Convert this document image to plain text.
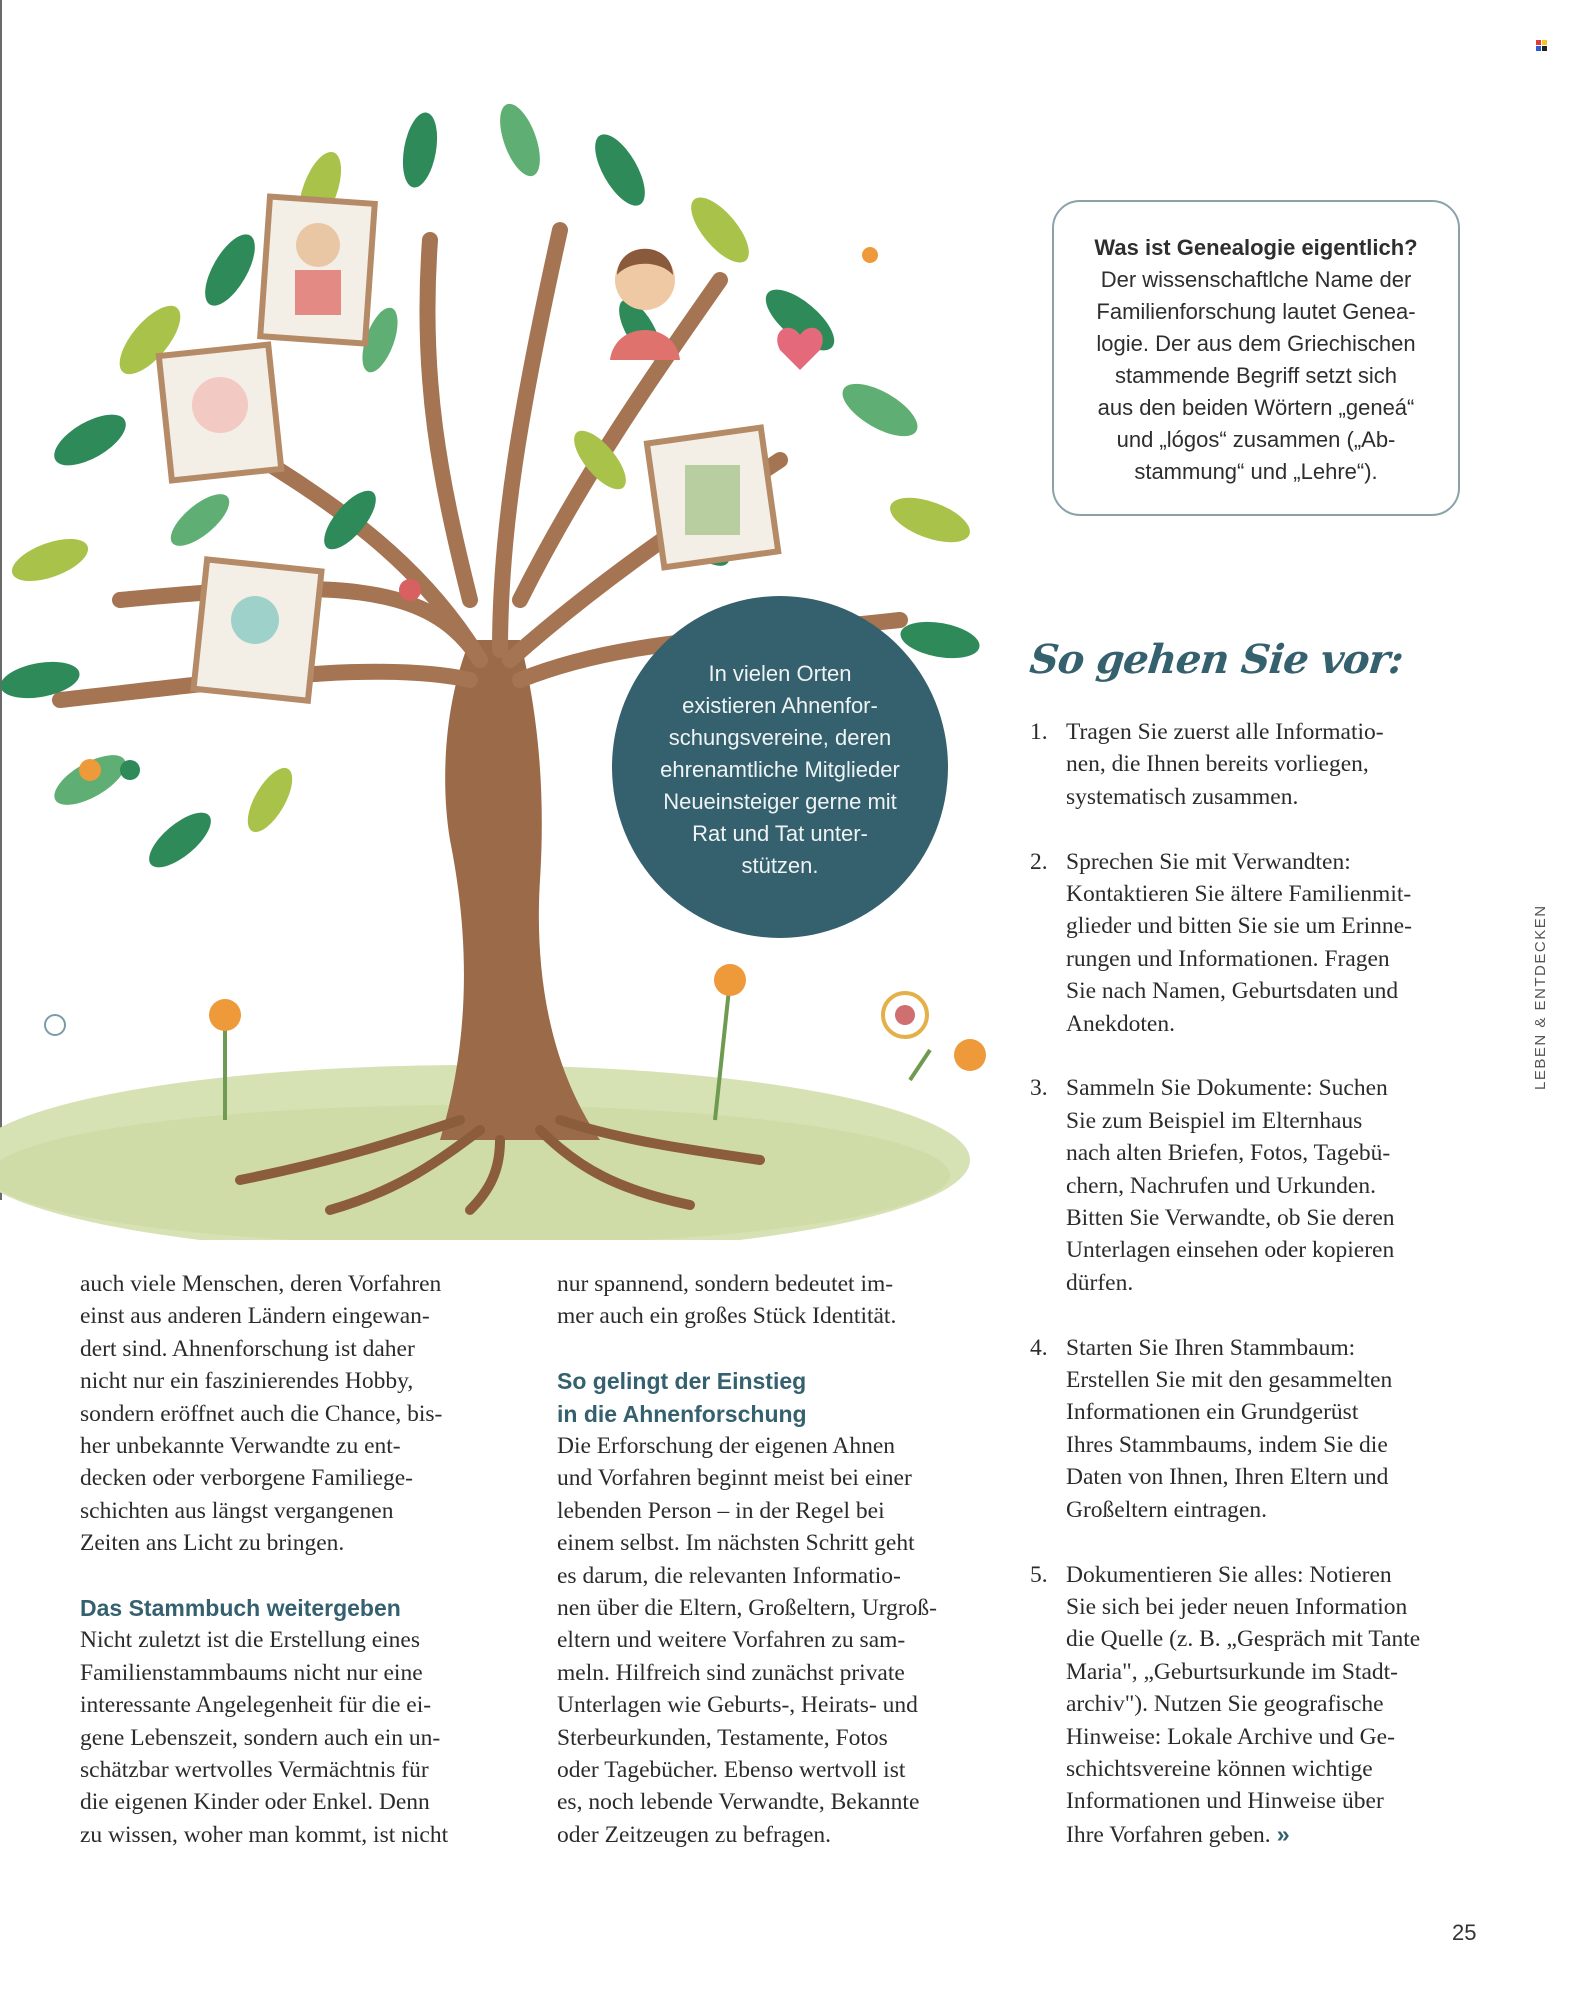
Was ist Genealogie eigentlich?
Der wissenschaftlche Name der
Familienforschung lautet Genea-
logie. Der aus dem Griechischen
stammende Begriff setzt sich
aus den beiden Wörtern „geneá“
und „lógos“ zusammen („Ab-
stammung“ und „Lehre“).
In vielen Orten
existieren Ahnenfor-
schungsvereine, deren
ehrenamtliche Mitglieder
Neueinsteiger gerne mit
Rat und Tat unter-
stützen.
So gehen Sie vor:
1. Tragen Sie zuerst alle Informatio-
nen, die Ihnen bereits vorliegen,
systematisch zusammen.
2. Sprechen Sie mit Verwandten:
Kontaktieren Sie ältere Familienmit-
glieder und bitten Sie sie um Erinne-
rungen und Informationen. Fragen
Sie nach Namen, Geburtsdaten und
Anekdoten.
3. Sammeln Sie Dokumente: Suchen
Sie zum Beispiel im Elternhaus
nach alten Briefen, Fotos, Tagebü-
chern, Nachrufen und Urkunden.
Bitten Sie Verwandte, ob Sie deren
Unterlagen einsehen oder kopieren
dürfen.
4. Starten Sie Ihren Stammbaum:
Erstellen Sie mit den gesammelten
Informationen ein Grundgerüst
Ihres Stammbaums, indem Sie die
Daten von Ihnen, Ihren Eltern und
Großeltern eintragen.
5. Dokumentieren Sie alles: Notieren
Sie sich bei jeder neuen Information
die Quelle (z. B. „Gespräch mit Tante
Maria", „Geburtsurkunde im Stadt-
archiv"). Nutzen Sie geografische
Hinweise: Lokale Archive und Ge-
schichtsvereine können wichtige
Informationen und Hinweise über
Ihre Vorfahren geben. »
auch viele Menschen, deren Vorfahren
einst aus anderen Ländern eingewan-
dert sind. Ahnenforschung ist daher
nicht nur ein faszinierendes Hobby,
sondern eröffnet auch die Chance, bis-
her unbekannte Verwandte zu ent-
decken oder verborgene Familiege-
schichten aus längst vergangenen
Zeiten ans Licht zu bringen.
Das Stammbuch weitergeben
Nicht zuletzt ist die Erstellung eines
Familienstammbaums nicht nur eine
interessante Angelegenheit für die ei-
gene Lebenszeit, sondern auch ein un-
schätzbar wertvolles Vermächtnis für
die eigenen Kinder oder Enkel. Denn
zu wissen, woher man kommt, ist nicht
nur spannend, sondern bedeutet im-
mer auch ein großes Stück Identität.
So gelingt der Einstieg
in die Ahnenforschung
Die Erforschung der eigenen Ahnen
und Vorfahren beginnt meist bei einer
lebenden Person – in der Regel bei
einem selbst. Im nächsten Schritt geht
es darum, die relevanten Informatio-
nen über die Eltern, Großeltern, Urgroß-
eltern und weitere Vorfahren zu sam-
meln. Hilfreich sind zunächst private
Unterlagen wie Geburts-, Heirats- und
Sterbeurkunden, Testamente, Fotos
oder Tagebücher. Ebenso wertvoll ist
es, noch lebende Verwandte, Bekannte
oder Zeitzeugen zu befragen.
LEBEN & ENTDECKEN
25
